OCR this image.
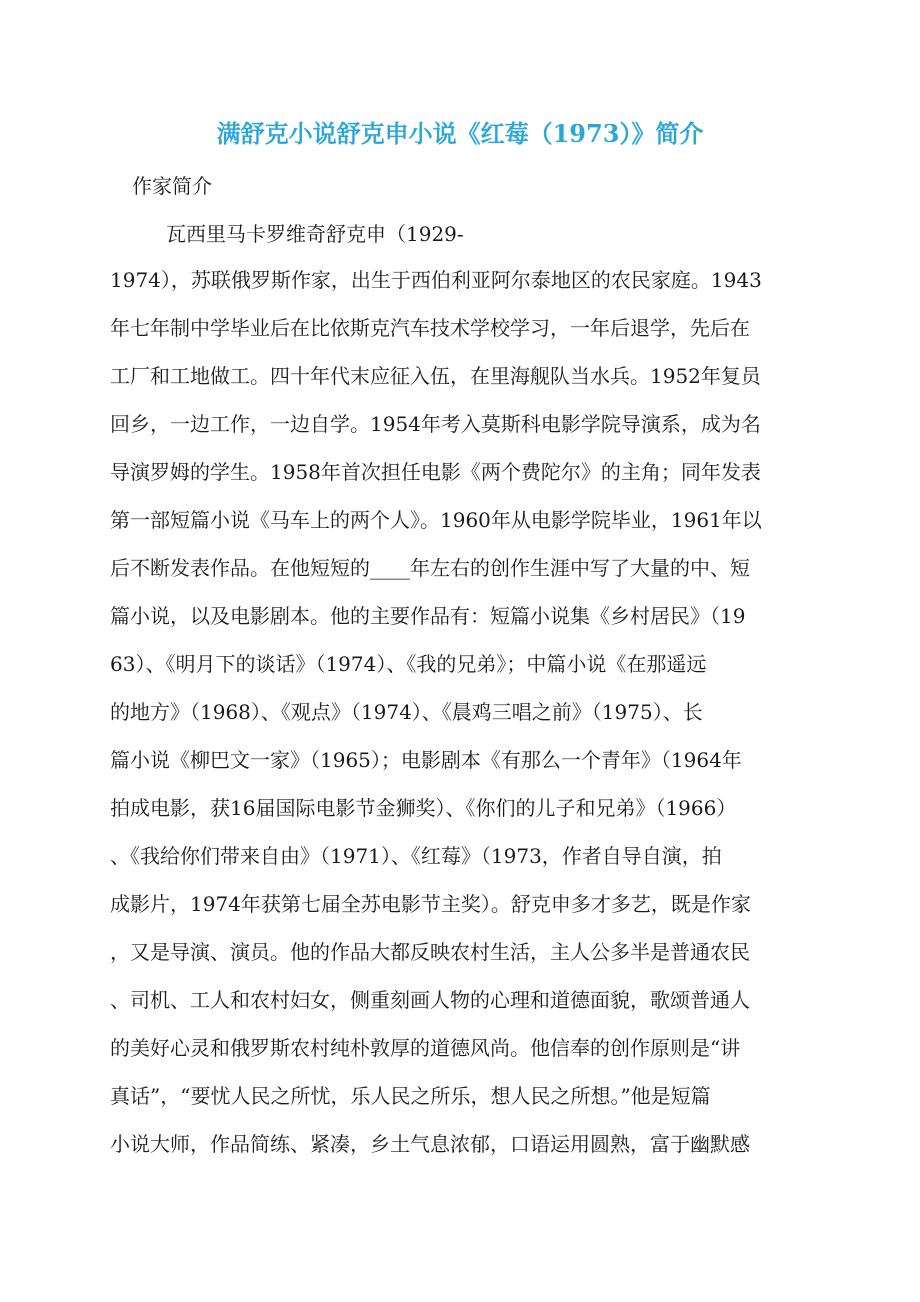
满舒克小说舒克申小说《红莓（1973）》简介
作家简介
瓦西里马卡罗维奇舒克申（1929-
1974），苏联俄罗斯作家，出生于西伯利亚阿尔泰地区的农民家庭。1943
年七年制中学毕业后在比依斯克汽车技术学校学习，一年后退学，先后在
工厂和工地做工。四十年代末应征入伍，在里海舰队当水兵。1952年复员
回乡，一边工作，一边自学。1954年考入莫斯科电影学院导演系，成为名
导演罗姆的学生。1958年首次担任电影《两个费陀尔》的主角；同年发表
第一部短篇小说《马车上的两个人》。1960年从电影学院毕业，1961年以
后不断发表作品。在他短短的____年左右的创作生涯中写了大量的中、短
篇小说，以及电影剧本。他的主要作品有：短篇小说集《乡村居民》（19
63）、《明月下的谈话》（1974）、《我的兄弟》；中篇小说《在那遥远
的地方》（1968）、《观点》（1974）、《晨鸡三唱之前》（1975）、长
篇小说《柳巴文一家》（1965）；电影剧本《有那么一个青年》（1964年
拍成电影，获16届国际电影节金狮奖）、《你们的儿子和兄弟》（1966）
、《我给你们带来自由》（1971）、《红莓》（1973，作者自导自演，拍
成影片，1974年获第七届全苏电影节主奖）。舒克申多才多艺，既是作家
，又是导演、演员。他的作品大都反映农村生活，主人公多半是普通农民
、司机、工人和农村妇女，侧重刻画人物的心理和道德面貌，歌颂普通人
的美好心灵和俄罗斯农村纯朴敦厚的道德风尚。他信奉的创作原则是“讲
真话”，“要忧人民之所忧，乐人民之所乐，想人民之所想。”他是短篇
小说大师，作品简练、紧凑，乡土气息浓郁，口语运用圆熟，富于幽默感
